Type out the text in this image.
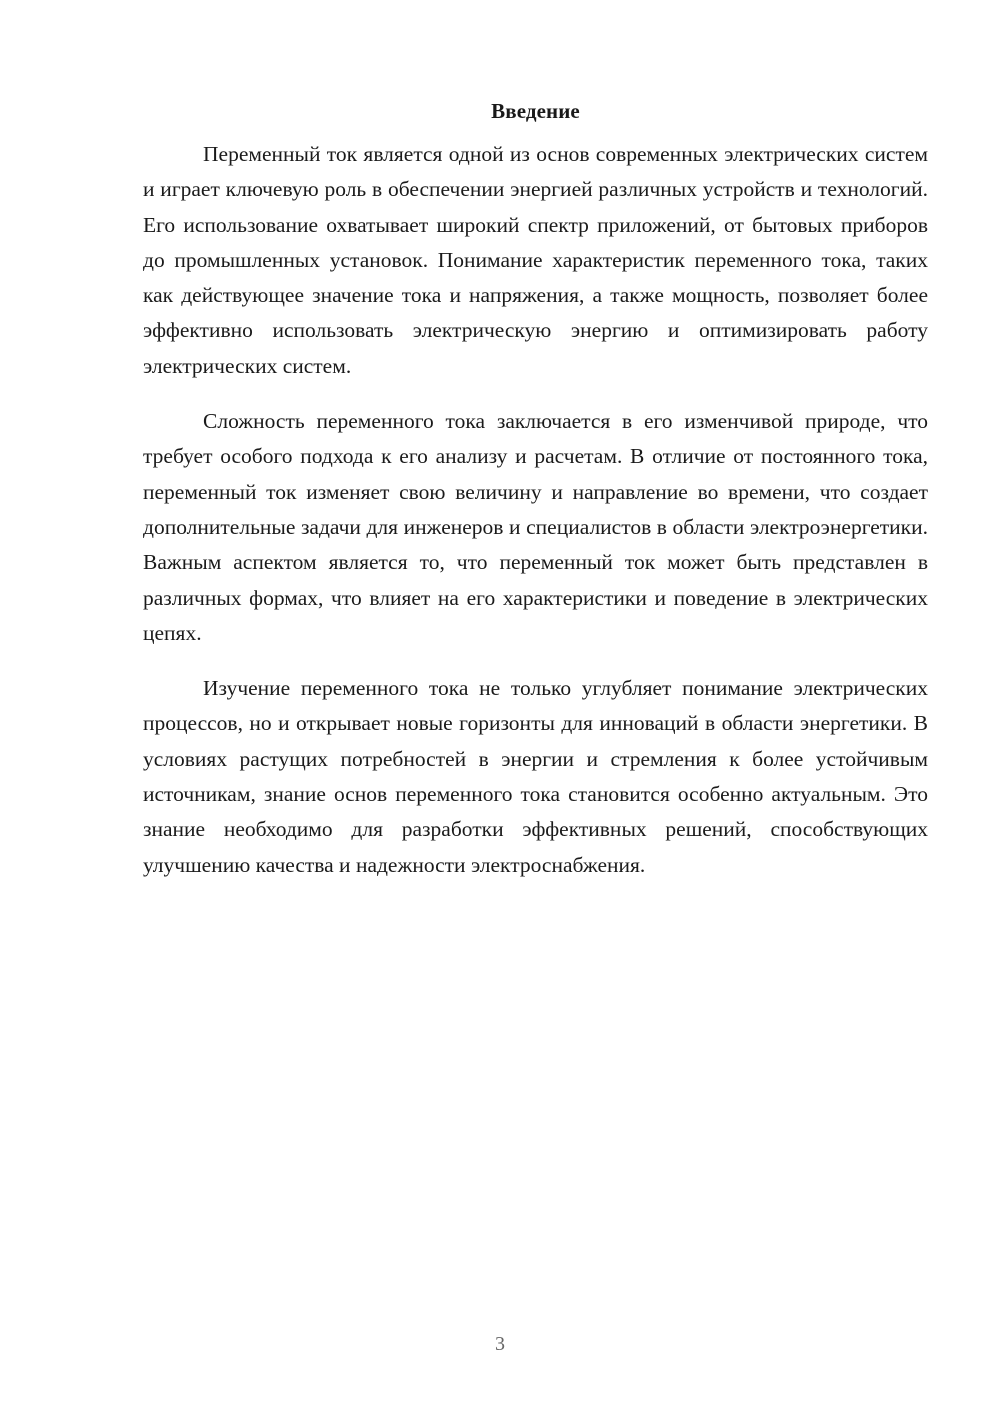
Введение

Переменный ток является одной из основ современных электрических систем и играет ключевую роль в обеспечении энергией различных устройств и технологий. Его использование охватывает широкий спектр приложений, от бытовых приборов до промышленных установок. Понимание характеристик переменного тока, таких как действующее значение тока и напряжения, а также мощность, позволяет более эффективно использовать электрическую энергию и оптимизировать работу электрических систем.

Сложность переменного тока заключается в его изменчивой природе, что требует особого подхода к его анализу и расчетам. В отличие от постоянного тока, переменный ток изменяет свою величину и направление во времени, что создает дополнительные задачи для инженеров и специалистов в области электроэнергетики. Важным аспектом является то, что переменный ток может быть представлен в различных формах, что влияет на его характеристики и поведение в электрических цепях.

Изучение переменного тока не только углубляет понимание электрических процессов, но и открывает новые горизонты для инноваций в области энергетики. В условиях растущих потребностей в энергии и стремления к более устойчивым источникам, знание основ переменного тока становится особенно актуальным. Это знание необходимо для разработки эффективных решений, способствующих улучшению качества и надежности электроснабжения.

3
